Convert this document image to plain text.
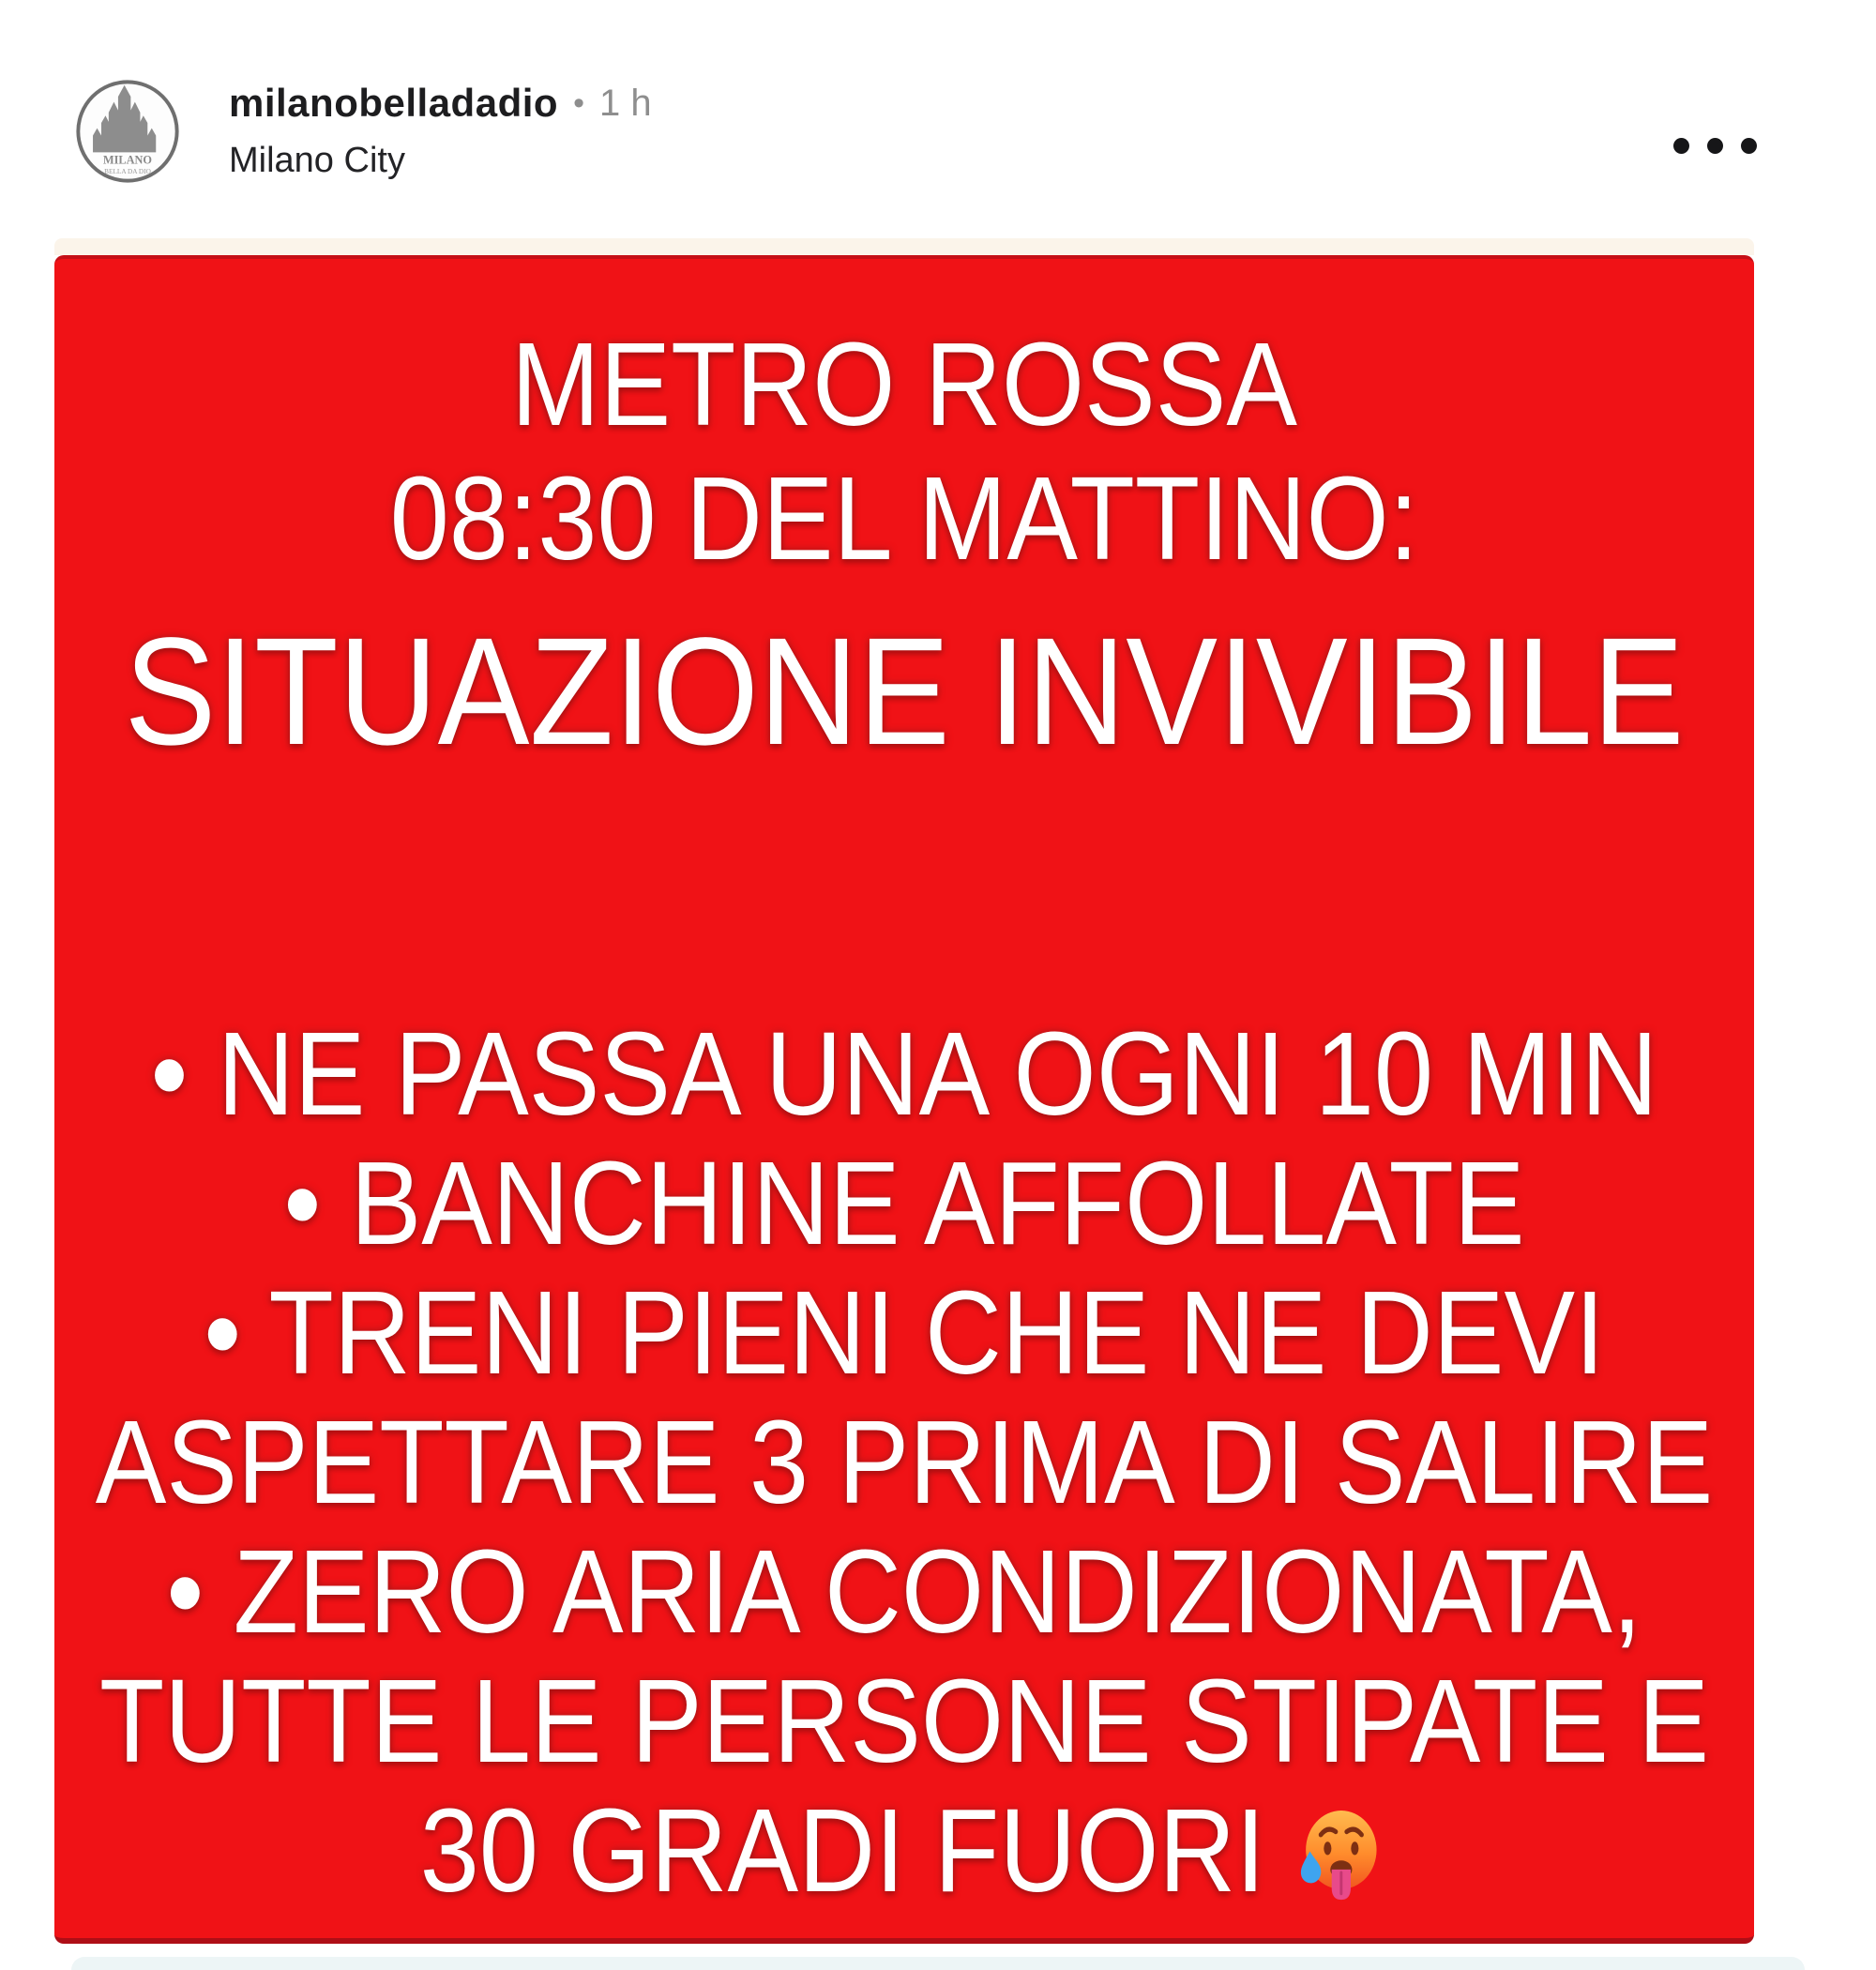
MILANO
BELLA DA DIO
milanobelladadio • 1 h
Milano City
METRO ROSSA
08:30 DEL MATTINO:
SITUAZIONE INVIVIBILE
• NE PASSA UNA OGNI 10 MIN
• BANCHINE AFFOLLATE
• TRENI PIENI CHE NE DEVI
ASPETTARE 3 PRIMA DI SALIRE
• ZERO ARIA CONDIZIONATA,
TUTTE LE PERSONE STIPATE E
30 GRADI FUORI
